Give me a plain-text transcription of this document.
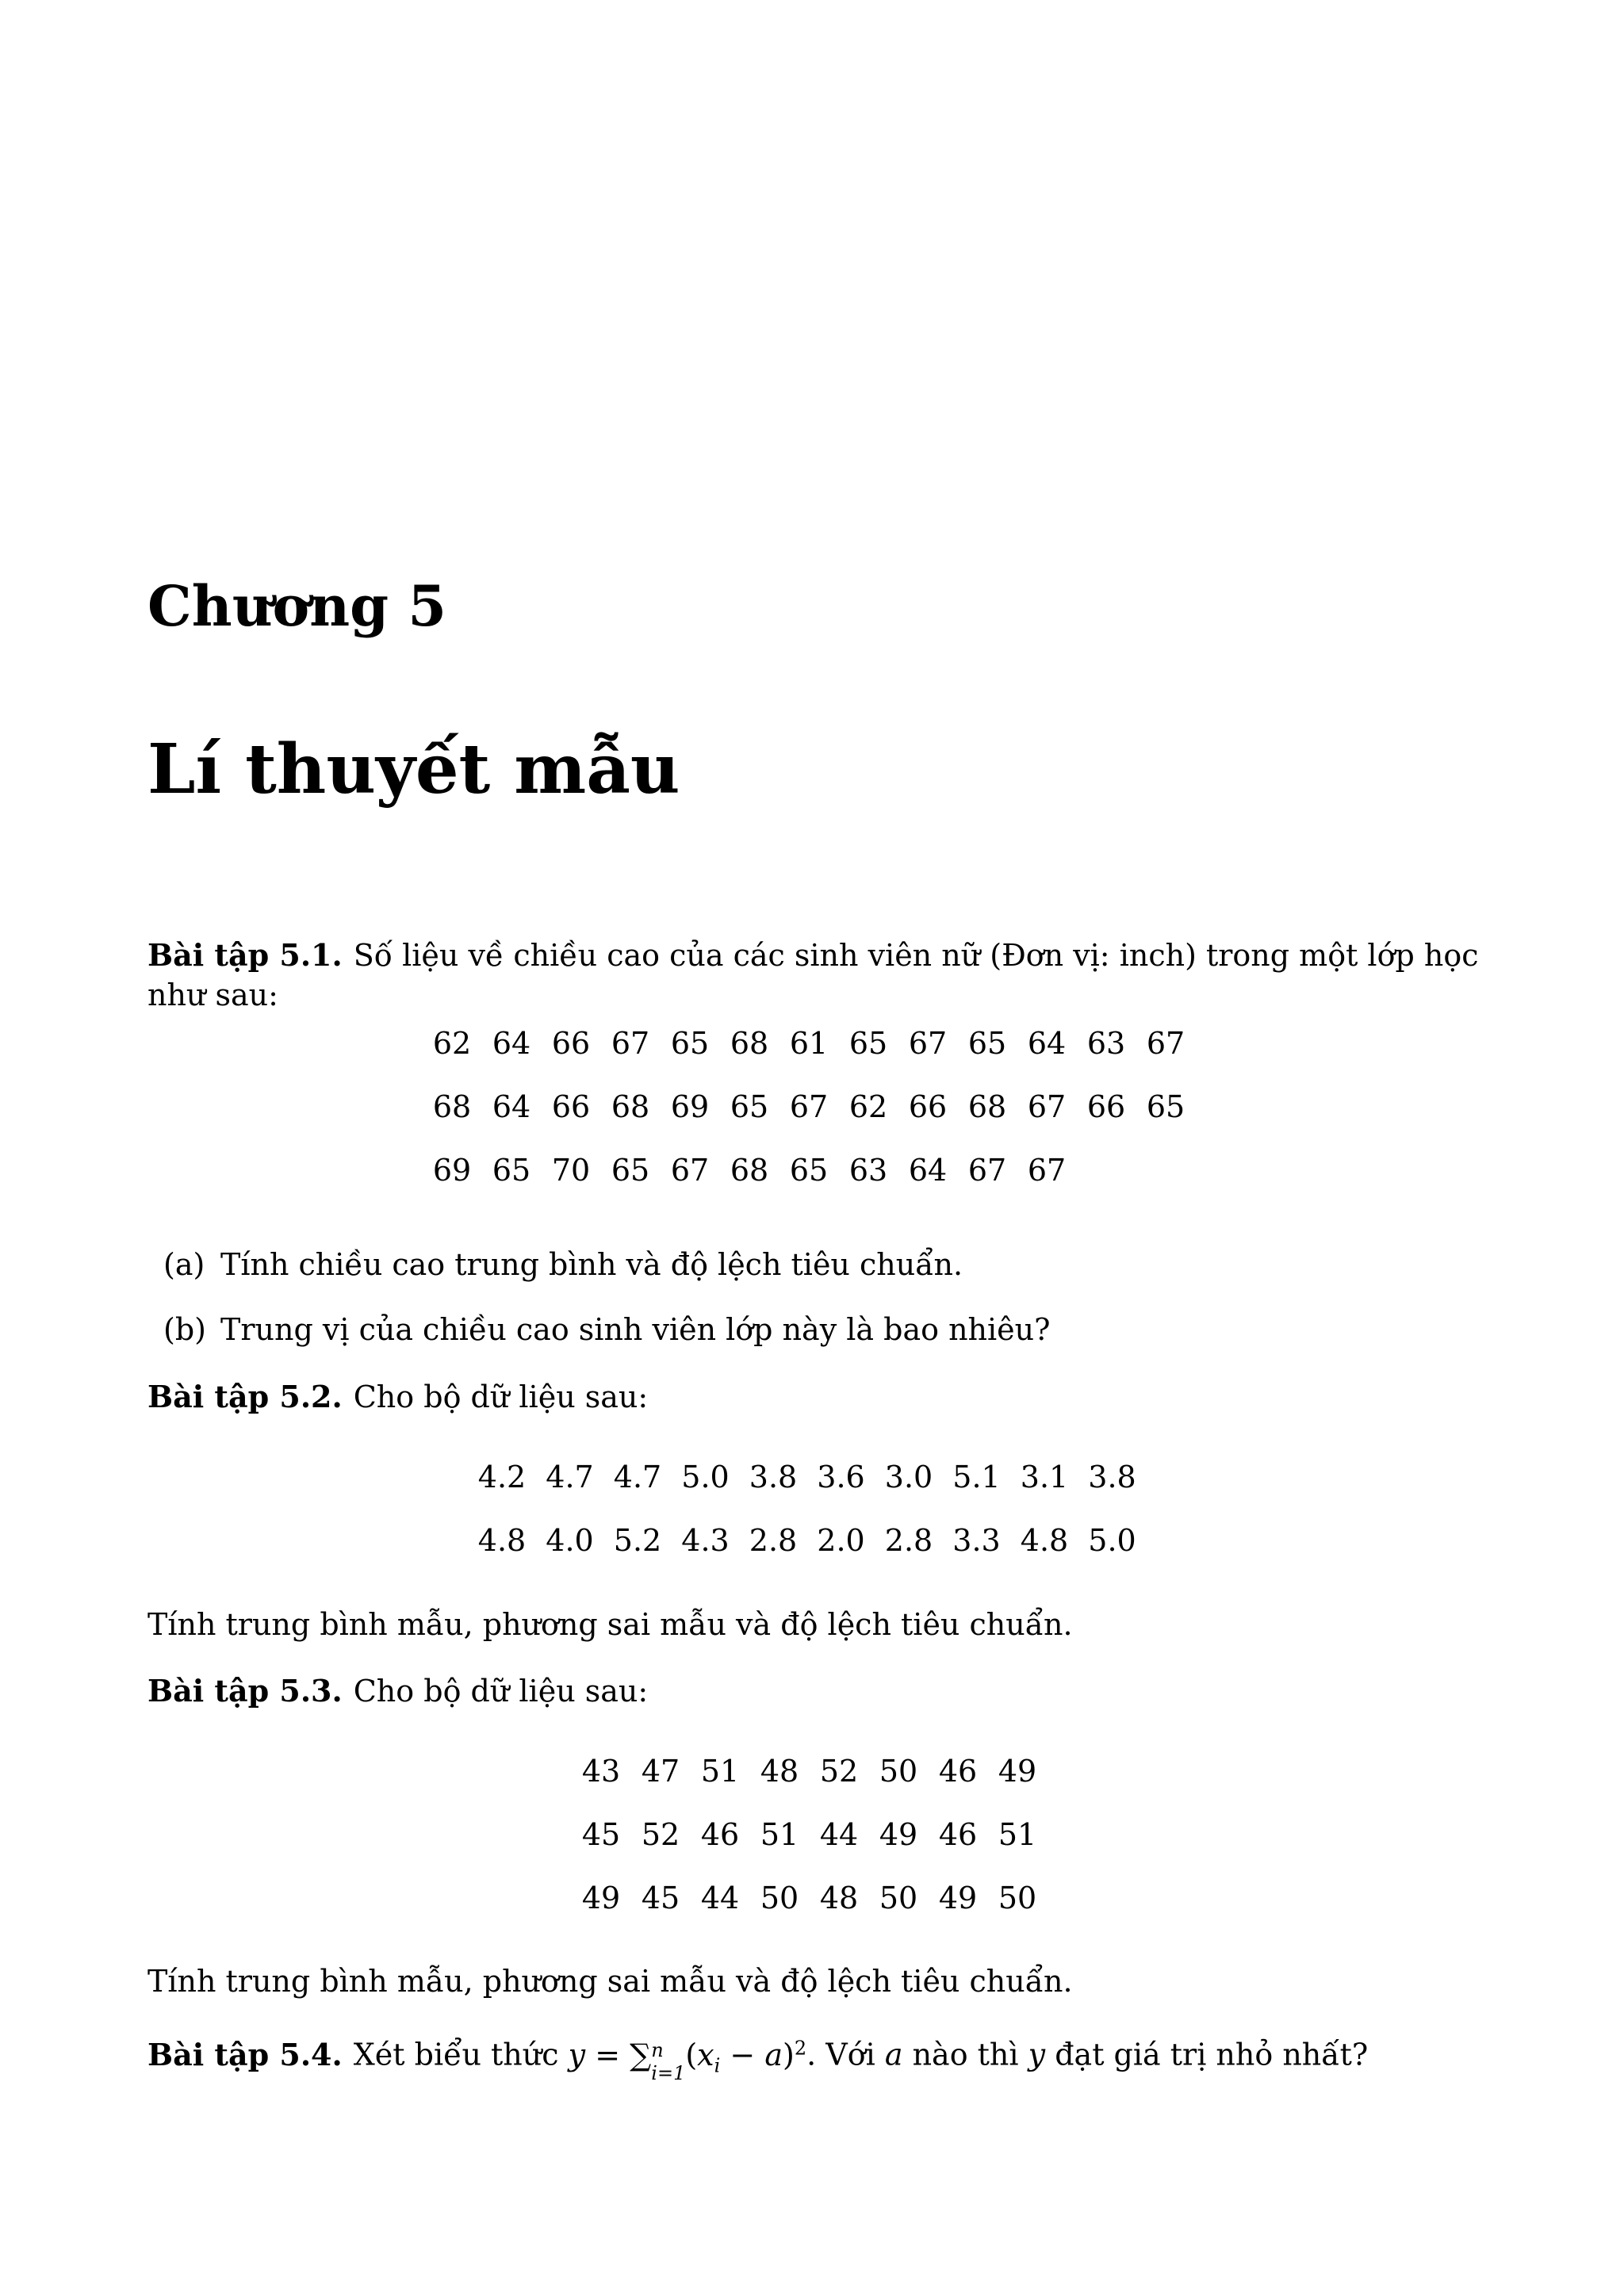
Chương 5
Lí thuyết mẫu
Bài tập 5.1. Số liệu về chiều cao của các sinh viên nữ (Đơn vị: inch) trong một lớp học như sau:
62 64 66 67 65 68 61 65 67 65 64 63 67
68 64 66 68 69 65 67 62 66 68 67 66 65
69 65 70 65 67 68 65 63 64 67 67
(a) Tính chiều cao trung bình và độ lệch tiêu chuẩn.
(b) Trung vị của chiều cao sinh viên lớp này là bao nhiêu?
Bài tập 5.2. Cho bộ dữ liệu sau:
4.2 4.7 4.7 5.0 3.8 3.6 3.0 5.1 3.1 3.8
4.8 4.0 5.2 4.3 2.8 2.0 2.8 3.3 4.8 5.0
Tính trung bình mẫu, phương sai mẫu và độ lệch tiêu chuẩn.
Bài tập 5.3. Cho bộ dữ liệu sau:
43 47 51 48 52 50 46 49
45 52 46 51 44 49 46 51
49 45 44 50 48 50 49 50
Tính trung bình mẫu, phương sai mẫu và độ lệch tiêu chuẩn.
Bài tập 5.4. Xét biểu thức y = ∑ n
$_{i=1}(x_i - a)^2$. Với a nào thì y đạt giá trị nhỏ nhất?
